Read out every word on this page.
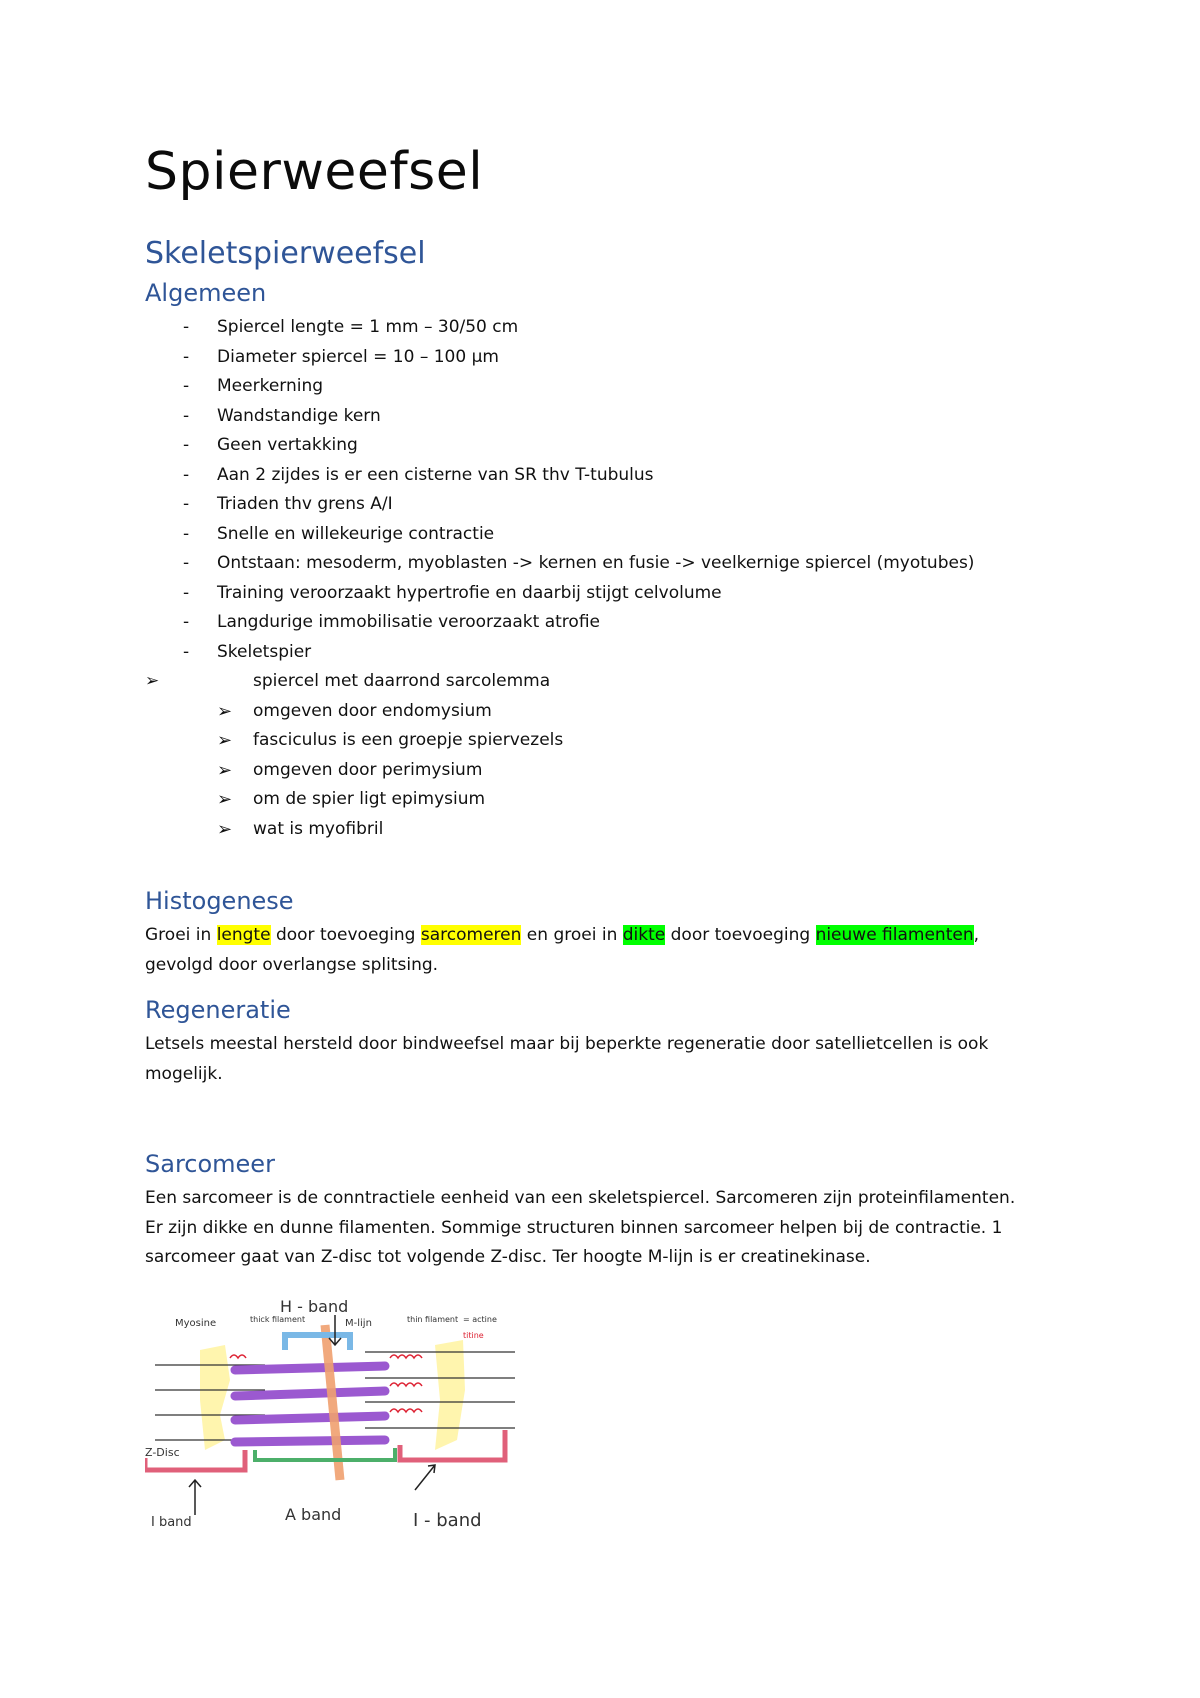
Spierweefsel
Skeletspierweefsel
Algemeen
- Spiercel lengte = 1 mm – 30/50 cm
- Diameter spiercel = 10 – 100 µm
- Meerkerning
- Wandstandige kern
- Geen vertakking
- Aan 2 zijdes is er een cisterne van SR thv T-tubulus
- Triaden thv grens A/I
- Snelle en willekeurige contractie
- Ontstaan: mesoderm, myoblasten -> kernen en fusie -> veelkernige spiercel (myotubes)
- Training veroorzaakt hypertrofie en daarbij stijgt celvolume
- Langdurige immobilisatie veroorzaakt atrofie
- Skeletspier
➢	spiercel met daarrond sarcolemma
➢ omgeven door endomysium
➢ fasciculus is een groepje spiervezels
➢ omgeven door perimysium
➢ om de spier ligt epimysium
➢ wat is myofibril
Histogenese

Groei in lengte door toevoeging sarcomeren en groei in dikte door toevoeging nieuwe filamenten,
gevolgd door overlangse splitsing.

Regeneratie

Letsels meestal hersteld door bindweefsel maar bij beperkte regeneratie door satellietcellen is ook
mogelijk.

Sarcomeer

Een sarcomeer is de conntractiele eenheid van een skeletspiercel. Sarcomeren zijn proteinfilamenten.
Er zijn dikke en dunne filamenten. Sommige structuren binnen sarcomeer helpen bij de contractie. 1
sarcomeer gaat van Z-disc tot volgende Z-disc. Ter hoogte M-lijn is er creatinekinase.

Myosine	thick filament
H - band
M-lijn	thin filament = actine
titine
Z-Disc
I band	A band	I - band
